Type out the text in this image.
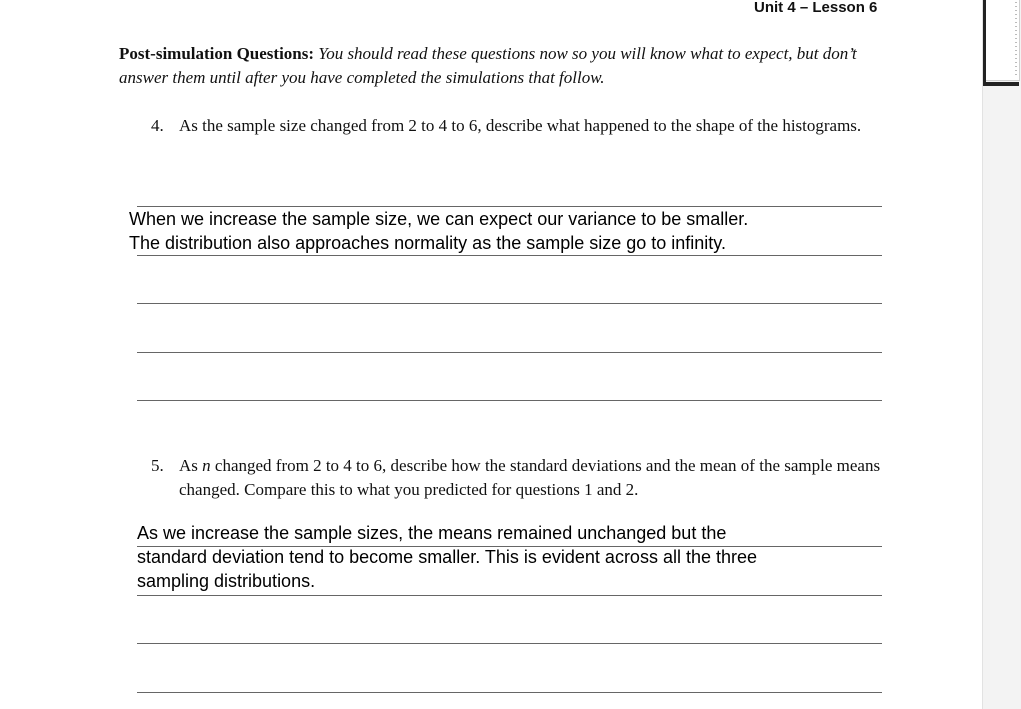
Unit 4 – Lesson 6
Post-simulation Questions: You should read these questions now so you will know what to expect, but don’t answer them until after you have completed the simulations that follow.
4. As the sample size changed from 2 to 4 to 6, describe what happened to the shape of the histograms.
When we increase the sample size, we can expect our variance to be smaller.
The distribution also approaches normality as the sample size go to infinity.
5. As n changed from 2 to 4 to 6, describe how the standard deviations and the mean of the sample means changed. Compare this to what you predicted for questions 1 and 2.
As we increase the sample sizes, the means remained unchanged but the
standard deviation tend to become smaller. This is evident across all the three
sampling distributions.
